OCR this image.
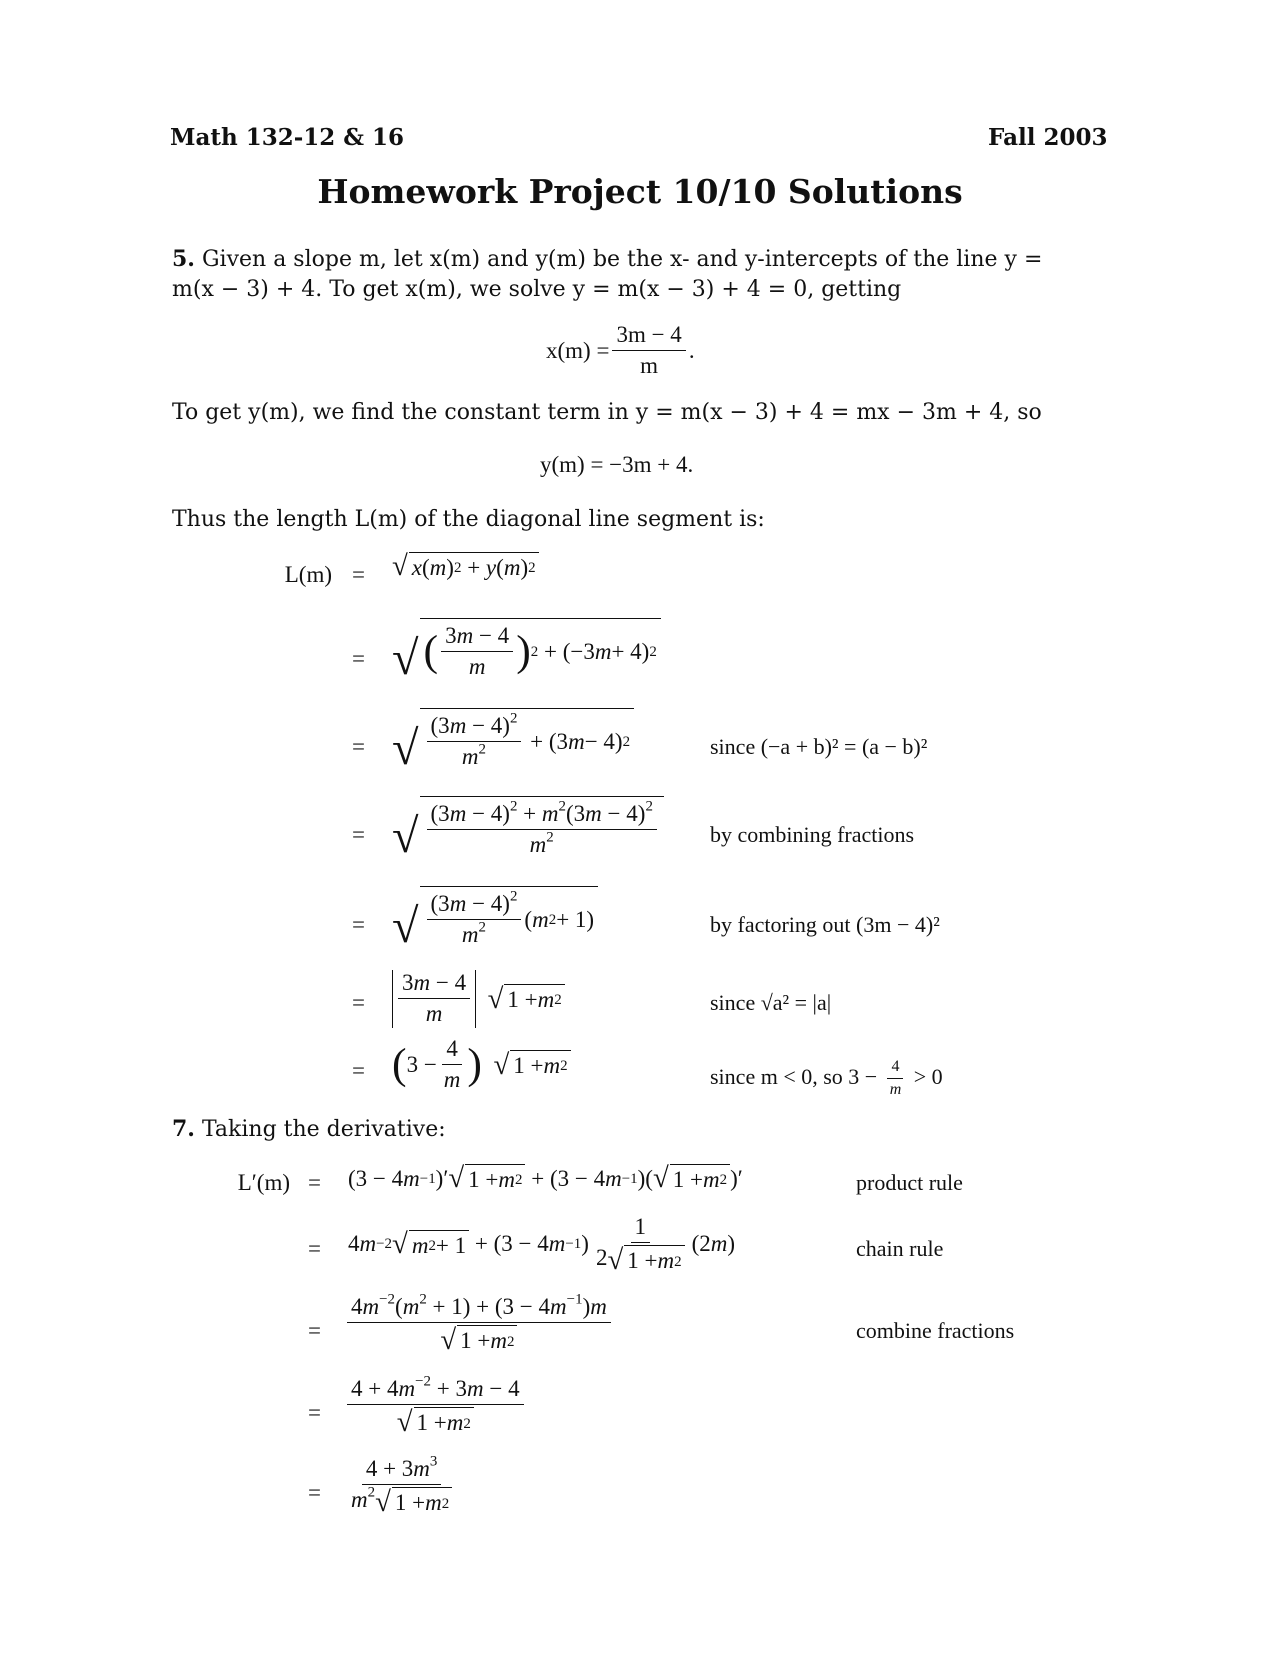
Math 132-12 & 16	Fall 2003
Homework Project 10/10 Solutions
5. Given a slope m, let x(m) and y(m) be the x- and y-intercepts of the line y =
m(x − 3) + 4. To get x(m), we solve y = m(x − 3) + 4 = 0, getting
$x(m) = \frac{3m - 4}{m}$ .
To get y(m), we find the constant term in y = m(x − 3) + 4 = mx − 3m + 4, so
y(m) = −3m + 4.
Thus the length L(m) of the diagonal line segment is:
L(m) = √ x ( m ) 2 + y ( m ) 2
= √ ( $\frac{3m - 4}{m}$ ) 2 + (−3 m + 4) 2
= √ $\frac{(3m - 4)^2}{m^2} + (3$ m − 4) 2	since (−a + b)² = (a − b)²
= √ $\frac{(3m - 4)^2 + m^2(3m - 4)^2}{m^2}$ by combining fractions
= √ $\frac{(3m - 4)^2}{m^2}$ ( m 2 + 1)	by factoring out (3m − 4)²
= $\frac{3m - 4}{m}$
√ 1 + m 2	since √a² = |a|
= ( $3 - \frac{4}{m}$ )
√ 1 + m 2	since m < 0, so $3 - \frac{4}{m} > 0$
7. Taking the derivative:
L′(m) = (3 − 4 m −1 )′ √ 1 + m 2 + (3 − 4 m −1 )( √ 1 + m 2 )′	product rule
= 4 m −2 √ m 2 + 1 + (3 − 4 m −1 ) $\frac{1}{2 √ 1 + m 2} (2$ m )	chain rule
= $\frac{4m^{-2}(m^2 + 1) + (3 - 4m^{-1})m}{√ 1 + m 2}$	combine fractions
= $\frac{4 + 4m^{-2} + 3m - 4}{√ 1 + m 2}$
= $\frac{4 + 3m^3}{m^2 √ 1 + m 2}$
